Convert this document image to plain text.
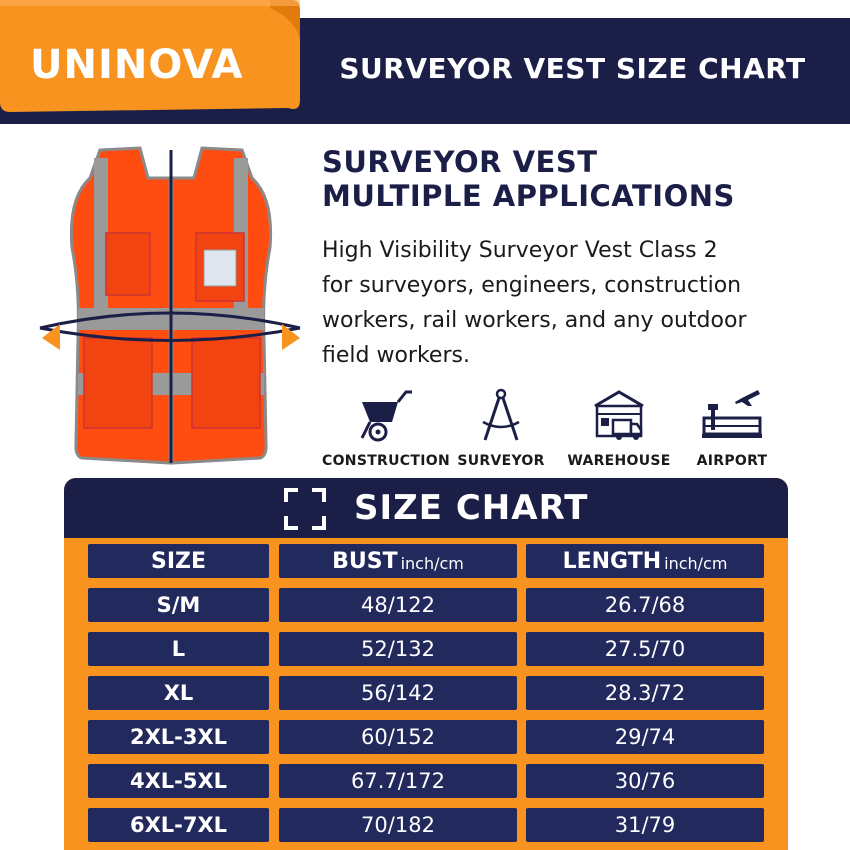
UNINOVA	SURVEYOR VEST SIZE CHART
SURVEYOR VEST
MULTIPLE APPLICATIONS
High Visibility Surveyor Vest Class 2
for surveyors, engineers, construction
workers, rail workers, and any outdoor
field workers.
CONSTRUCTION SURVEYOR	WAREHOUSE	AIRPORT
SIZE CHART
SIZE	BUST inch/cm	LENGTH inch/cm
S/M	48/122	26.7/68
L	52/132	27.5/70
XL	56/142	28.3/72
2XL-3XL	60/152	29/74
4XL-5XL	67.7/172	30/76
6XL-7XL	70/182	31/79
